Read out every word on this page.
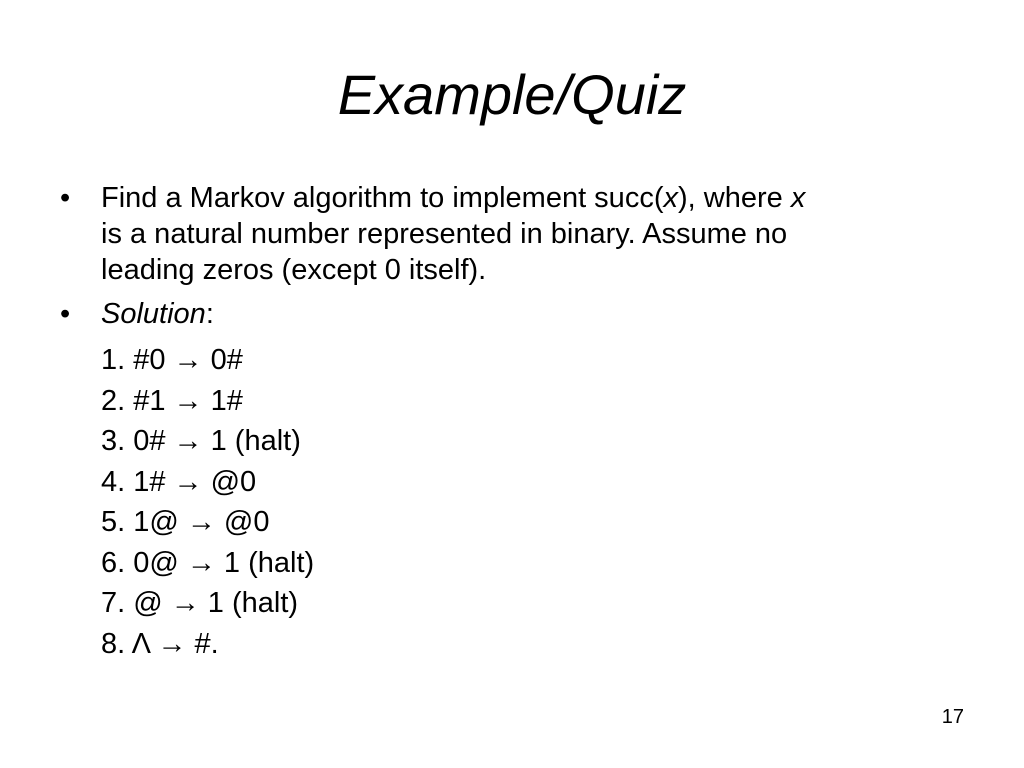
Example/Quiz
• Find a Markov algorithm to implement succ(x), where x
is a natural number represented in binary. Assume no
leading zeros (except 0 itself).
• Solution:
1. #0 → 0#
2. #1 → 1#
3. 0# → 1 (halt)
4. 1# → @0
5. 1@ → @0
6. 0@ → 1 (halt)
7. @ → 1 (halt)
8. Λ → #.
17
